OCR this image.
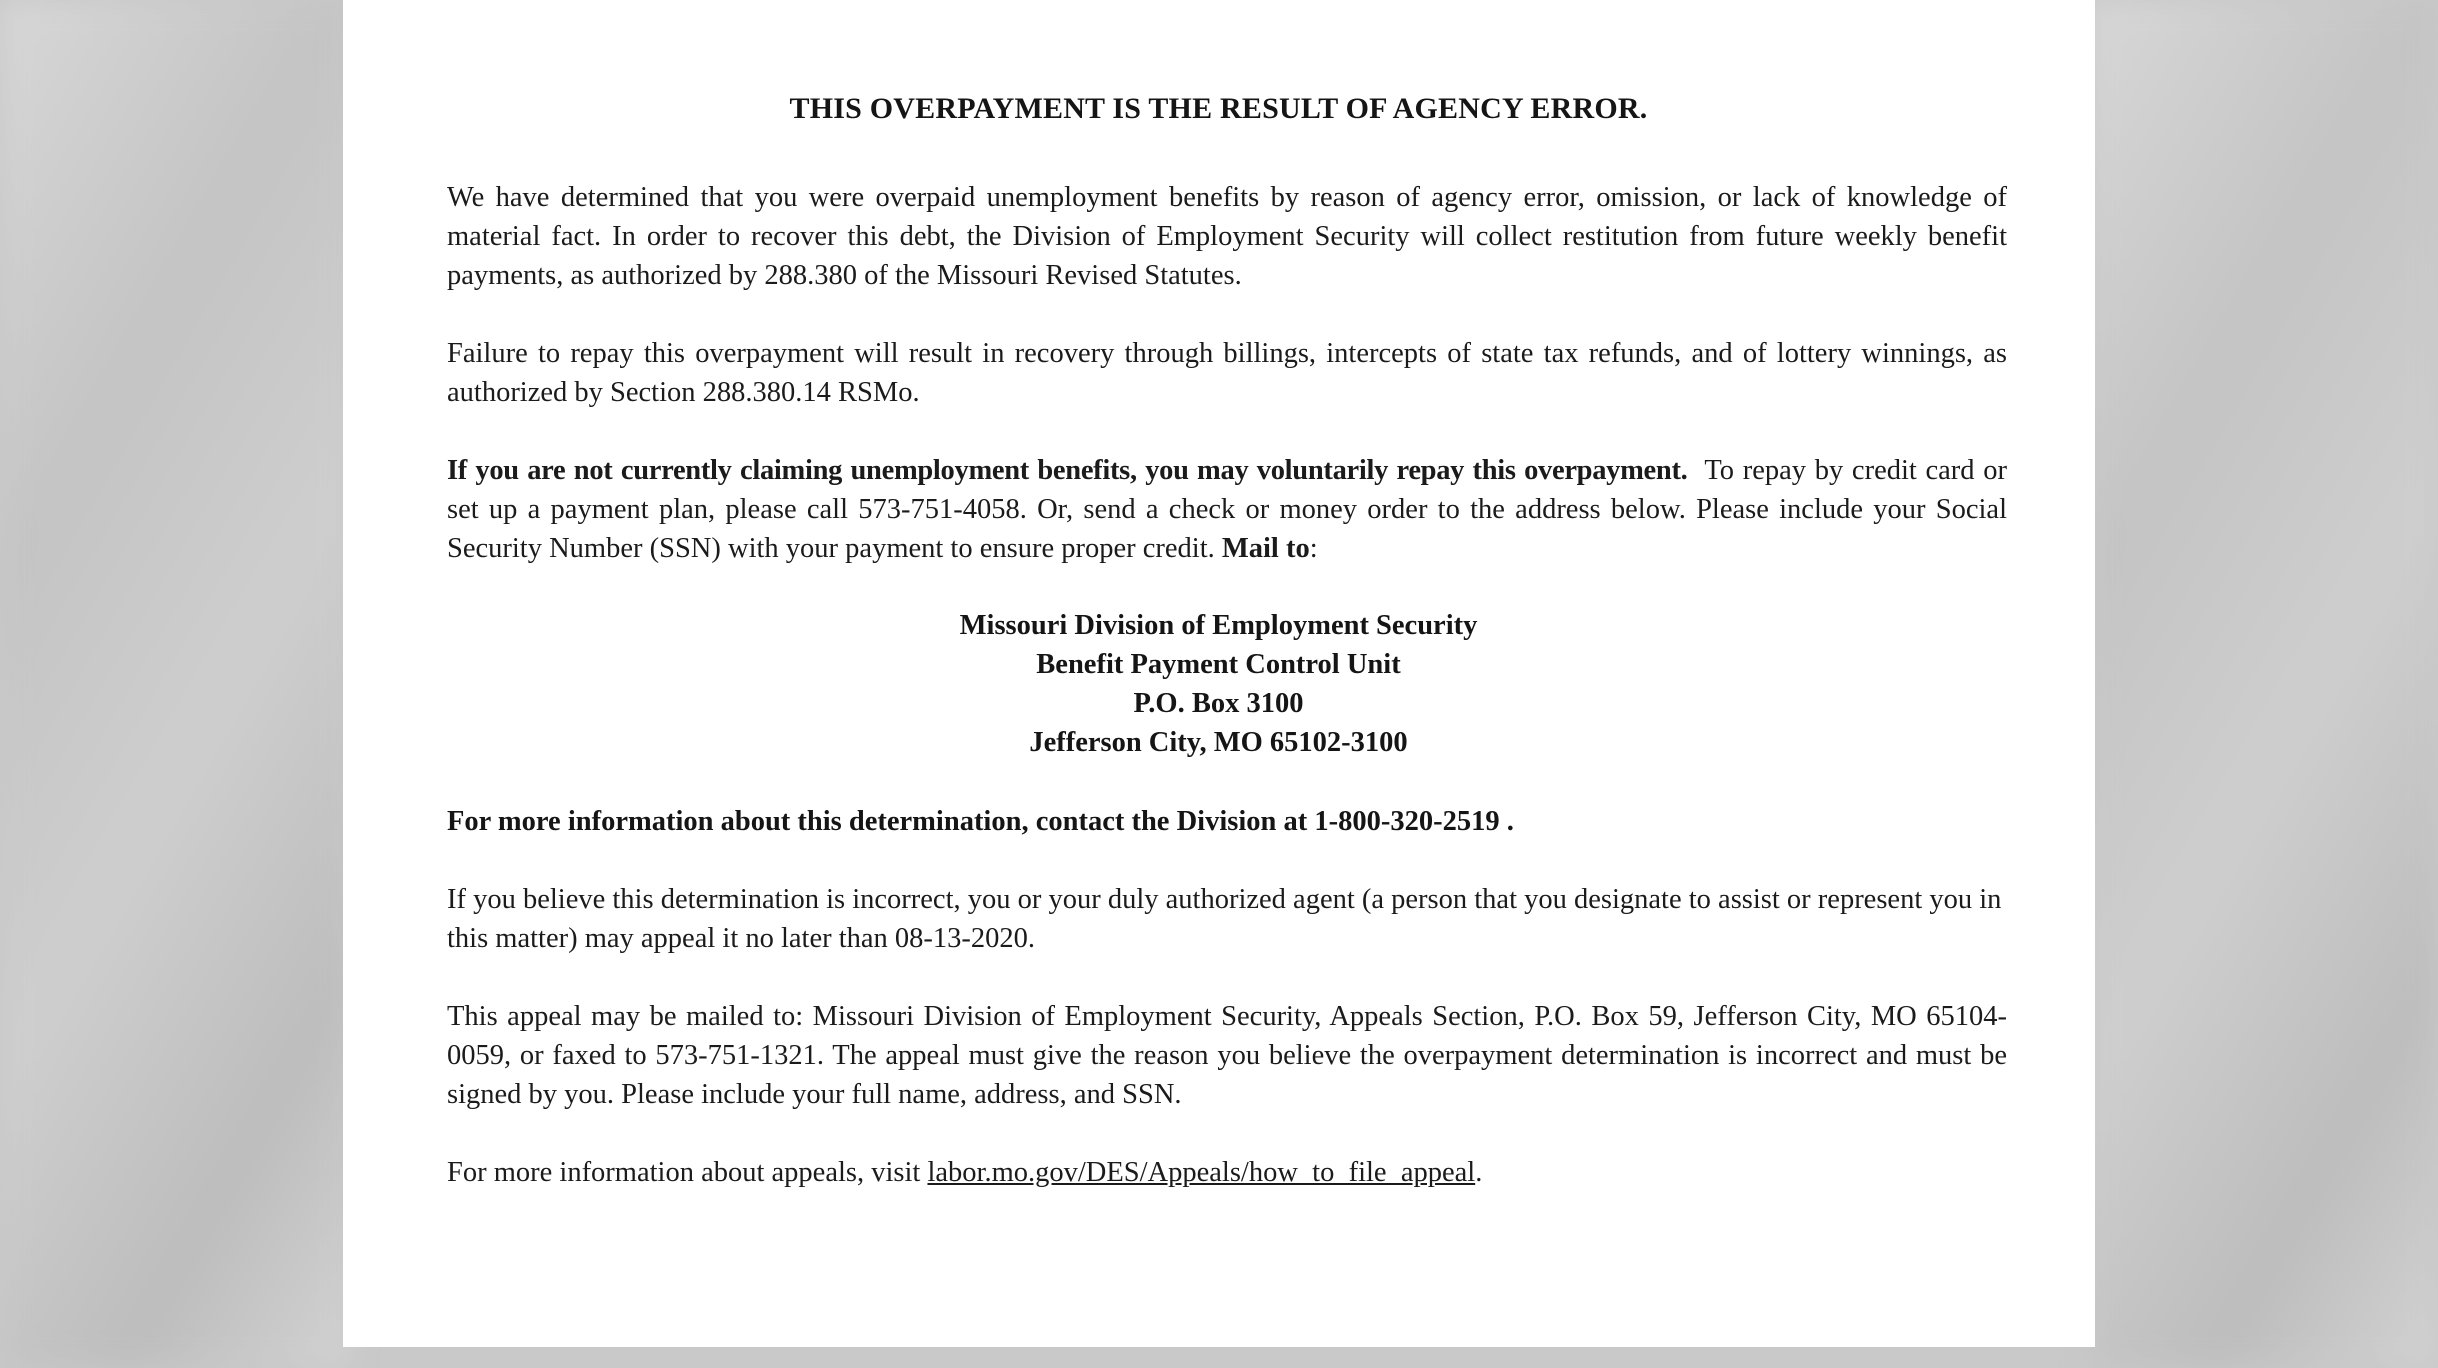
THIS OVERPAYMENT IS THE RESULT OF AGENCY ERROR.

We have determined that you were overpaid unemployment benefits by reason of agency error, omission, or lack of knowledge of material fact. In order to recover this debt, the Division of Employment Security will collect restitution from future weekly benefit payments, as authorized by 288.380 of the Missouri Revised Statutes.

Failure to repay this overpayment will result in recovery through billings, intercepts of state tax refunds, and of lottery winnings, as authorized by Section 288.380.14 RSMo.

If you are not currently claiming unemployment benefits, you may voluntarily repay this overpayment. To repay by credit card or set up a payment plan, please call 573-751-4058. Or, send a check or money order to the address below. Please include your Social Security Number (SSN) with your payment to ensure proper credit. Mail to:

Missouri Division of Employment Security
Benefit Payment Control Unit
P.O. Box 3100
Jefferson City, MO 65102-3100

For more information about this determination, contact the Division at 1-800-320-2519 .

If you believe this determination is incorrect, you or your duly authorized agent (a person that you designate to assist or represent you in this matter) may appeal it no later than 08-13-2020.

This appeal may be mailed to: Missouri Division of Employment Security, Appeals Section, P.O. Box 59, Jefferson City, MO 65104-0059, or faxed to 573-751-1321. The appeal must give the reason you believe the overpayment determination is incorrect and must be signed by you. Please include your full name, address, and SSN.

For more information about appeals, visit labor.mo.gov/DES/Appeals/how_to_file_appeal.
